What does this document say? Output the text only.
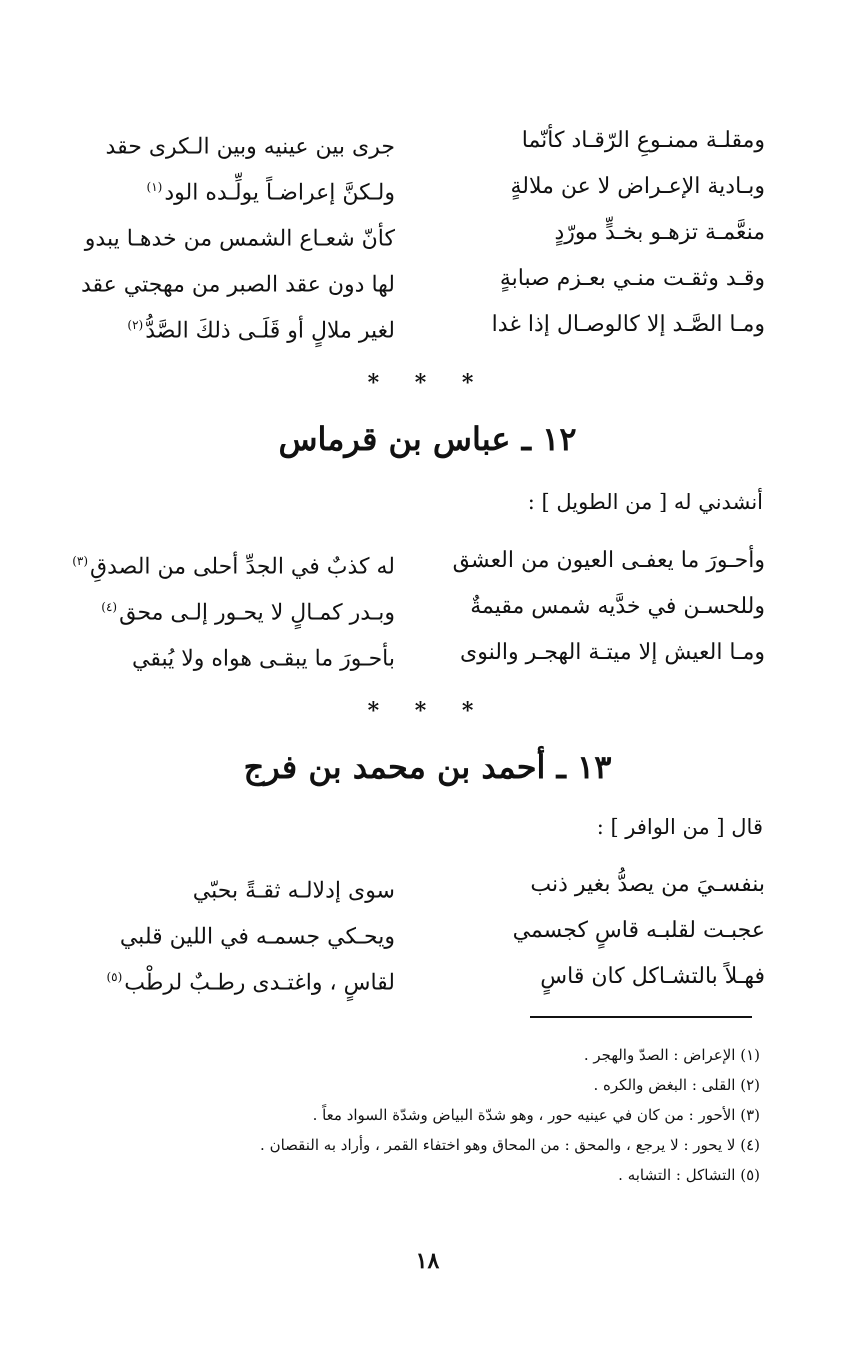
ومقلـة ممنـوعِ الرّقـاد كأنّما
جرى بين عينيه وبين الـكرى حقد
وبـادية الإعـراض لا عن ملالةٍ
ولـكنَّ إعراضـاً يولِّـده الود$^{(١)}$
منعَّمـة تزهـو بخـدٍّ مورّدٍ
كأنّ شعـاع الشمس من خدهـا يبدو
وقـد وثقـت منـي بعـزم صبابةٍ
لها دون عقد الصبر من مهجتي عقد
ومـا الصَّـد إلا كالوصـال إذا غدا
لغير ملالٍ أو قَلَـى ذلكَ الصَّدُّ$^{(٢)}$
* * *
١٢ ـ عباس بن قرماس
أنشدني له [ من الطويل ] :
وأحـورَ ما يعفـى العيون من العشق
له كذبٌ في الجدِّ أحلى من الصدقِ$^{(٣)}$
وللحسـن في خدَّيه شمس مقيمةٌ
وبـدر كمـالٍ لا يحـور إلـى محق$^{(٤)}$
ومـا العيش إلا ميتـة الهجـر والنوى
بأحـورَ ما يبقـى هواه ولا يُبقي
* * *
١٣ ـ أحمد بن محمد بن فرج
قال [ من الوافر ] :
بنفسـيَ من يصدُّ بغير ذنب
سوى إدلالـه ثقـةً بحبّي
عجبـت لقلبـه قاسٍ كجسمي
ويحـكي جسمـه في اللين قلبي
فهـلاً بالتشـاكل كان قاسٍ
لقاسٍ ، واغتـدى رطـبٌ لرطْب$^{(٥)}$
(١) الإعراض : الصدّ والهجر .
(٢) القلى : البغض والكره .
(٣) الأحور : من كان في عينيه حور ، وهو شدّة البياض وشدّة السواد معاً .
(٤) لا يحور : لا يرجع ، والمحق : من المحاق وهو اختفاء القمر ، وأراد به النقصان .
(٥) التشاكل : التشابه .
١٨
